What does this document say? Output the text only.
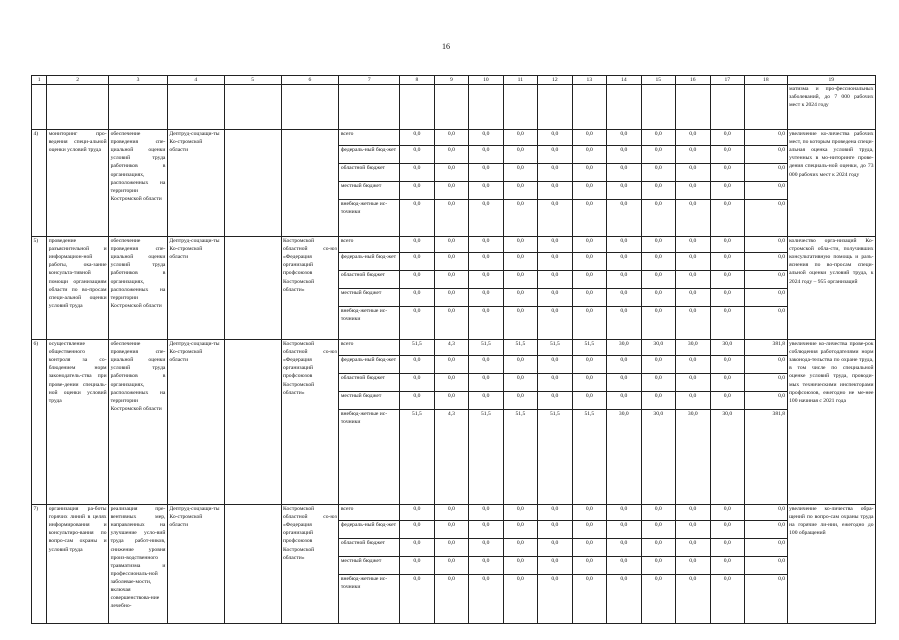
16
1	2	3	4	5	6	7	8	9	10	11	12	13	14	15	16	17	18	19
																		матизма и про-фессиональных заболеваний, до 7 000 рабочих мест к 2024 году
4)	мониторинг про-ведения специ-альной оценки условий труда	обеспечение проведения спе-циальной оценки условий труда работников в организациях, расположенных на территории Костромской области	Дептруд-соцзащи-ты Ко-стромской области			всего	0,0	0,0	0,0	0,0	0,0	0,0	0,0	0,0	0,0	0,0	0,0	увеличение ко-личества рабочих мест, по которым проведена специ-альная оценка условий труда, учтенных в мо-ниторинге прове-дения специаль-ной оценки, до 73 000 рабочих мест к 2024 году
						федераль-ный бюд-жет	0,0	0,0	0,0	0,0	0,0	0,0	0,0	0,0	0,0	0,0	0,0	
						областной бюджет	0,0	0,0	0,0	0,0	0,0	0,0	0,0	0,0	0,0	0,0	0,0	
						местный бюджет	0,0	0,0	0,0	0,0	0,0	0,0	0,0	0,0	0,0	0,0	0,0	
						внебюд-жетные ис-точники	0,0	0,0	0,0	0,0	0,0	0,0	0,0	0,0	0,0	0,0	0,0	
5)	проведение разъяснительной и информацион-ной работы, ока-зание консульта-тивной помощи организациям области по во-просам специ-альной оценки условий труда	обеспечение проведения спе-циальной оценки условий труда работников в организациях, расположенных на территории Костромской области	Дептруд-соцзащи-ты Ко-стромской области		Костромской областной со-юз «Федерация организаций профсоюзов Костромской области»	всего	0,0	0,0	0,0	0,0	0,0	0,0	0,0	0,0	0,0	0,0	0,0	количество орга-низаций Ко-стромской обла-сти, получивших консультативную помощь и разъ-яснения по во-просам специ-альной оценки условий труда, к 2024 году – 955 организаций
						федераль-ный бюд-жет	0,0	0,0	0,0	0,0	0,0	0,0	0,0	0,0	0,0	0,0	0,0	
						областной бюджет	0,0	0,0	0,0	0,0	0,0	0,0	0,0	0,0	0,0	0,0	0,0	
						местный бюджет	0,0	0,0	0,0	0,0	0,0	0,0	0,0	0,0	0,0	0,0	0,0	
						внебюд-жетные ис-точники	0,0	0,0	0,0	0,0	0,0	0,0	0,0	0,0	0,0	0,0	0,0	
6)	осуществление общественного контроля за со-блюдением норм законодатель-ства при прове-дении специаль-ной оценки условий труда	обеспечение проведения спе-циальной оценки условий труда работников в организациях, расположенных на территории Костромской области	Дептруд-соцзащи-ты Ко-стромской области		Костромской областной со-юз «Федерация организаций профсоюзов Костромской области»	всего	51,5	4,3	51,5	51,5	51,5	51,5	30,0	30,0	30,0	30,0	381,8	увеличение ко-личества прове-рок соблюдения работодателями норм законода-тельства по охране труда, в том числе по специальной оценке условий труда, проводи-мых техническими инспекторами профсоюзов, ежегодно не ме-нее 100 начиная с 2021 года
						федераль-ный бюд-жет	0,0	0,0	0,0	0,0	0,0	0,0	0,0	0,0	0,0	0,0	0,0	
						областной бюджет	0,0	0,0	0,0	0,0	0,0	0,0	0,0	0,0	0,0	0,0	0,0	
						местный бюджет	0,0	0,0	0,0	0,0	0,0	0,0	0,0	0,0	0,0	0,0	0,0	
						внебюд-жетные ис-точники	51,5	4,3	51,5	51,5	51,5	51,5	30,0	30,0	30,0	30,0	381,8	
7)	организация ра-боты горячих линий в целях информирования и консультиро-вания по вопро-сам охраны и условий труда	реализация пре-вентивных мер, направленных на улучшение усло-вий труда работ-ников, снижение уровня произ-водственного травматизма и профессиональ-ной заболевае-мости, включая совершенствова-ние лечебно-	Дептруд-соцзащи-ты Ко-стромской области		Костромской областной со-юз «Федерация организаций профсоюзов Костромской области»	всего	0,0	0,0	0,0	0,0	0,0	0,0	0,0	0,0	0,0	0,0	0,0	увеличение ко-личества обра-щений по вопро-сам охраны труда на горячие ли-нии, ежегодно до 100 обращений
						федераль-ный бюд-жет	0,0	0,0	0,0	0,0	0,0	0,0	0,0	0,0	0,0	0,0	0,0	
						областной бюджет	0,0	0,0	0,0	0,0	0,0	0,0	0,0	0,0	0,0	0,0	0,0	
						местный бюджет	0,0	0,0	0,0	0,0	0,0	0,0	0,0	0,0	0,0	0,0	0,0	
						внебюд-жетные ис-точники	0,0	0,0	0,0	0,0	0,0	0,0	0,0	0,0	0,0	0,0	0,0	
